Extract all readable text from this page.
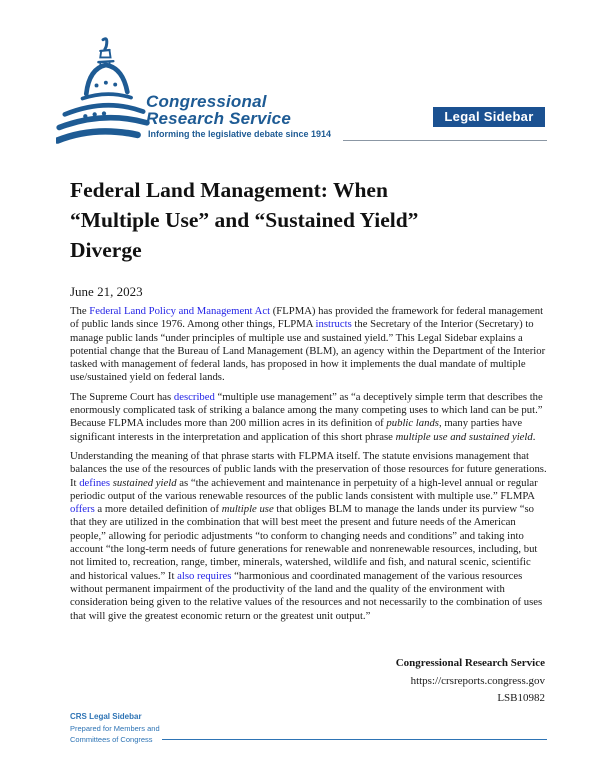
Congressional
Research Service
Informing the legislative debate since 1914
Legal Sidebar
Federal Land Management: When
“Multiple Use” and “Sustained Yield”
Diverge
June 21, 2023

The Federal Land Policy and Management Act (FLPMA) has provided the framework for federal management of public lands since 1976. Among other things, FLPMA instructs the Secretary of the Interior (Secretary) to manage public lands “under principles of multiple use and sustained yield.” This Legal Sidebar explains a potential change that the Bureau of Land Management (BLM), an agency within the Department of the Interior tasked with management of federal lands, has proposed in how it implements the dual mandate of multiple use/sustained yield on federal lands.

The Supreme Court has described “multiple use management” as “a deceptively simple term that describes the enormously complicated task of striking a balance among the many competing uses to which land can be put.” Because FLPMA includes more than 200 million acres in its definition of public lands, many parties have significant interests in the interpretation and application of this short phrase multiple use and sustained yield.

Understanding the meaning of that phrase starts with FLPMA itself. The statute envisions management that balances the use of the resources of public lands with the preservation of those resources for future generations. It defines sustained yield as “the achievement and maintenance in perpetuity of a high-level annual or regular periodic output of the various renewable resources of the public lands consistent with multiple use.” FLMPA offers a more detailed definition of multiple use that obliges BLM to manage the lands under its purview “so that they are utilized in the combination that will best meet the present and future needs of the American people,” allowing for periodic adjustments “to conform to changing needs and conditions” and taking into account “the long-term needs of future generations for renewable and nonrenewable resources, including, but not limited to, recreation, range, timber, minerals, watershed, wildlife and fish, and natural scenic, scientific and historical values.” It also requires “harmonious and coordinated management of the various resources without permanent impairment of the productivity of the land and the quality of the environment with consideration being given to the relative values of the resources and not necessarily to the combination of uses that will give the greatest economic return or the greatest unit output.”

Congressional Research Service
https://crsreports.congress.gov
LSB10982
CRS Legal Sidebar
Prepared for Members and
Committees of Congress
